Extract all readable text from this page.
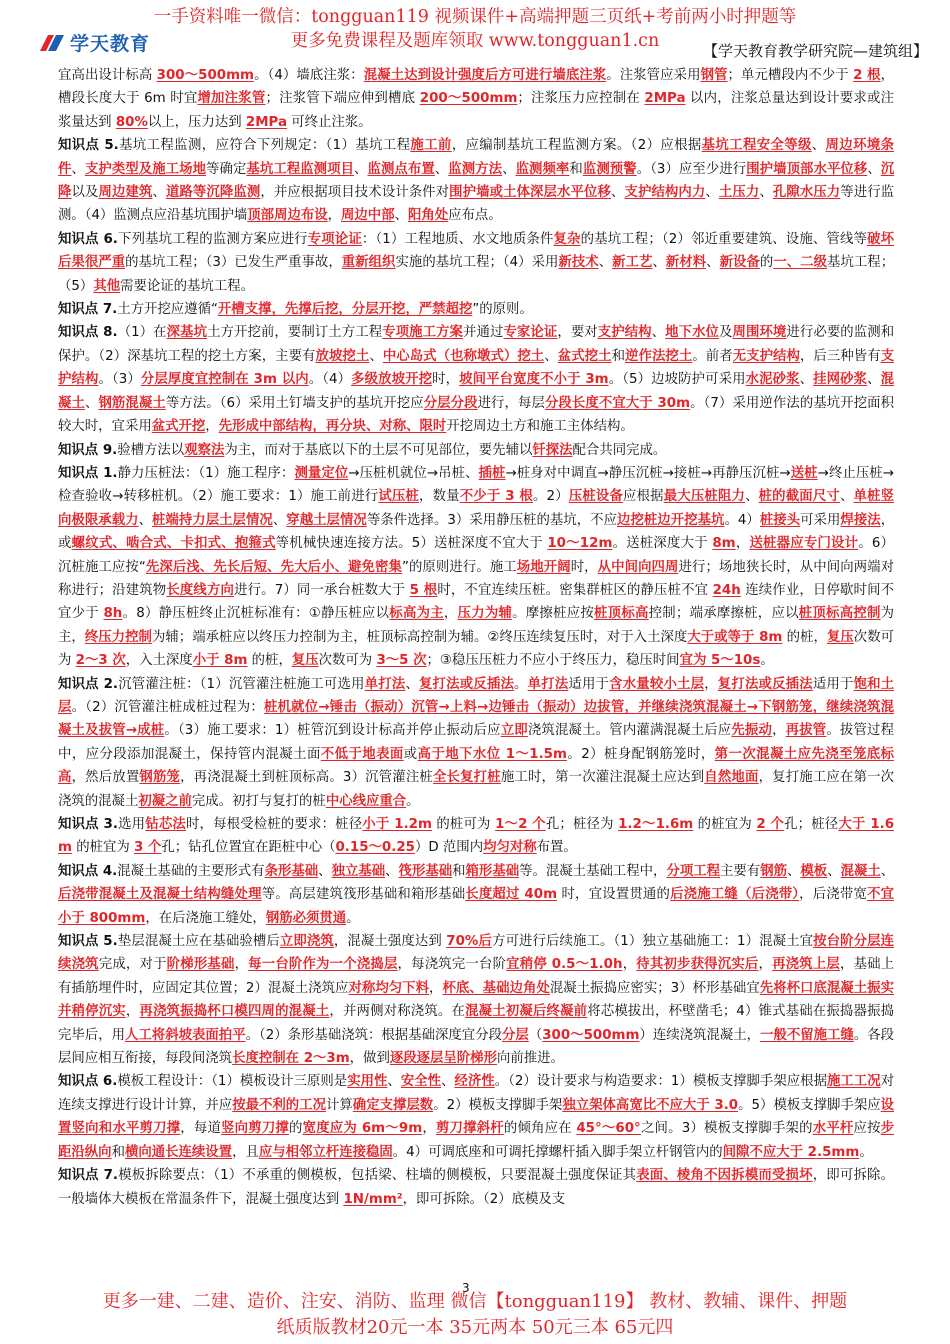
一手资料唯一微信：tongguan119 视频课件+高端押题三页纸+考前两小时押题等
更多免费课程及题库领取 www.tongguan1.cn
学天教育	【学天教育教学研究院—建筑组】

宜高出设计标高 300～500mm。（4）墙底注浆：混凝土达到设计强度后方可进行墙底注浆。注浆管应采用钢管；单元槽段内不少于 2 根，槽段长度大于 6m 时宜增加注浆管；注浆管下端应伸到槽底 200～500mm；注浆压力应控制在 2MPa 以内，注浆总量达到设计要求或注浆量达到 80%以上，压力达到 2MPa 可终止注浆。

知识点 5.基坑工程监测，应符合下列规定：（1）基坑工程施工前，应编制基坑工程监测方案。（2）应根据基坑工程安全等级、周边环境条件、支护类型及施工场地等确定基坑工程监测项目、监测点布置、监测方法、监测频率和监测预警。（3）应至少进行围护墙顶部水平位移、沉降以及周边建筑、道路等沉降监测，并应根据项目技术设计条件对围护墙或土体深层水平位移、支护结构内力、土压力、孔隙水压力等进行监测。（4）监测点应沿基坑围护墙顶部周边布设，周边中部、阳角处应布点。

知识点 6.下列基坑工程的监测方案应进行专项论证：（1）工程地质、水文地质条件复杂的基坑工程；（2）邻近重要建筑、设施、管线等破坏后果很严重的基坑工程；（3）已发生严重事故，重新组织实施的基坑工程；（4）采用新技术、新工艺、新材料、新设备的一、二级基坑工程；（5）其他需要论证的基坑工程。

知识点 7.土方开挖应遵循“开槽支撑，先撑后挖，分层开挖，严禁超挖”的原则。

知识点 8.（1）在深基坑土方开挖前，要制订土方工程专项施工方案并通过专家论证，要对支护结构、地下水位及周围环境进行必要的监测和保护。（2）深基坑工程的挖土方案，主要有放坡挖土、中心岛式（也称墩式）挖土、盆式挖土和逆作法挖土。前者无支护结构，后三种皆有支护结构。（3）分层厚度宜控制在 3m 以内。（4）多级放坡开挖时，坡间平台宽度不小于 3m。（5）边坡防护可采用水泥砂浆、挂网砂浆、混凝土、钢筋混凝土等方法。（6）采用土钉墙支护的基坑开挖应分层分段进行，每层分段长度不宜大于 30m。（7）采用逆作法的基坑开挖面积较大时，宜采用盆式开挖，先形成中部结构，再分块、对称、限时开挖周边土方和施工主体结构。

知识点 9.验槽方法以观察法为主，而对于基底以下的土层不可见部位，要先辅以钎探法配合共同完成。

知识点 1.静力压桩法：（1）施工程序：测量定位→压桩机就位→吊桩、插桩→桩身对中调直→静压沉桩→接桩→再静压沉桩→送桩→终止压桩→检查验收→转移桩机。（2）施工要求：1）施工前进行试压桩，数量不少于 3 根。2）压桩设备应根据最大压桩阻力、桩的截面尺寸、单桩竖向极限承载力、桩端持力层土层情况、穿越土层情况等条件选择。3）采用静压桩的基坑，不应边挖桩边开挖基坑。4）桩接头可采用焊接法，或螺纹式、啮合式、卡扣式、抱箍式等机械快速连接方法。5）送桩深度不宜大于 10～12m。送桩深度大于 8m，送桩器应专门设计。6）沉桩施工应按“先深后浅、先长后短、先大后小、避免密集”的原则进行。施工场地开阔时，从中间向四周进行；场地狭长时，从中间向两端对称进行；沿建筑物长度线方向进行。7）同一承台桩数大于 5 根时，不宜连续压桩。密集群桩区的静压桩不宜 24h 连续作业，日停歇时间不宜少于 8h。8）静压桩终止沉桩标准有：①静压桩应以标高为主，压力为辅。摩擦桩应按桩顶标高控制；端承摩擦桩，应以桩顶标高控制为主，终压力控制为辅；端承桩应以终压力控制为主，桩顶标高控制为辅。②终压连续复压时，对于入土深度大于或等于 8m 的桩，复压次数可为 2～3 次，入土深度小于 8m 的桩，复压次数可为 3～5 次；③稳压压桩力不应小于终压力，稳压时间宜为 5～10s。

知识点 2.沉管灌注桩：（1）沉管灌注桩施工可选用单打法、复打法或反插法。单打法适用于含水量较小土层，复打法或反插法适用于饱和土层。（2）沉管灌注桩成桩过程为：桩机就位→锤击（振动）沉管→上料→边锤击（振动）边拔管，并继续浇筑混凝土→下钢筋笼，继续浇筑混凝土及拔管→成桩。（3）施工要求：1）桩管沉到设计标高并停止振动后应立即浇筑混凝土。管内灌满混凝土后应先振动，再拔管。拔管过程中，应分段添加混凝土，保持管内混凝土面不低于地表面或高于地下水位 1～1.5m。2）桩身配钢筋笼时，第一次混凝土应先浇至笼底标高，然后放置钢筋笼，再浇混凝土到桩顶标高。3）沉管灌注桩全长复打桩施工时，第一次灌注混凝土应达到自然地面，复打施工应在第一次浇筑的混凝土初凝之前完成。初打与复打的桩中心线应重合。

知识点 3.选用钻芯法时，每根受检桩的要求：桩径小于 1.2m 的桩可为 1～2 个孔；桩径为 1.2～1.6m 的桩宜为 2 个孔；桩径大于 1.6m 的桩宜为 3 个孔；钻孔位置宜在距桩中心（0.15～0.25）D 范围内均匀对称布置。

知识点 4.混凝土基础的主要形式有条形基础、独立基础、筏形基础和箱形基础等。混凝土基础工程中，分项工程主要有钢筋、模板、混凝土、后浇带混凝土及混凝土结构缝处理等。高层建筑筏形基础和箱形基础长度超过 40m 时，宜设置贯通的后浇施工缝（后浇带），后浇带宽不宜小于 800mm，在后浇施工缝处，钢筋必须贯通。

知识点 5.垫层混凝土应在基础验槽后立即浇筑，混凝土强度达到 70%后方可进行后续施工。（1）独立基础施工：1）混凝土宜按台阶分层连续浇筑完成，对于阶梯形基础，每一台阶作为一个浇捣层，每浇筑完一台阶宜稍停 0.5～1.0h，待其初步获得沉实后，再浇筑上层，基础上有插筋埋件时，应固定其位置；2）混凝土浇筑应对称均匀下料，杯底、基础边角处混凝土振捣应密实；3）杯形基础宜先将杯口底混凝土振实并稍停沉实，再浇筑振捣杯口模四周的混凝土，并两侧对称浇筑。在混凝土初凝后终凝前将芯模拔出，杯壁凿毛；4）锥式基础在振捣器振捣完毕后，用人工将斜坡表面拍平。（2）条形基础浇筑：根据基础深度宜分段分层（300～500mm）连续浇筑混凝土，一般不留施工缝。各段层间应相互衔接，每段间浇筑长度控制在 2～3m，做到逐段逐层呈阶梯形向前推进。

知识点 6.模板工程设计：（1）模板设计三原则是实用性、安全性、经济性。（2）设计要求与构造要求：1）模板支撑脚手架应根据施工工况对连续支撑进行设计计算，并应按最不利的工况计算确定支撑层数。2）模板支撑脚手架独立架体高宽比不应大于 3.0。5）模板支撑脚手架应设置竖向和水平剪刀撑，每道竖向剪刀撑的宽度应为 6m～9m，剪刀撑斜杆的倾角应在 45°～60°之间。3）模板支撑脚手架的水平杆应按步距沿纵向和横向通长连续设置，且应与相邻立杆连接稳固。4）可调底座和可调托撑螺杆插入脚手架立杆钢管内的间隙不应大于 2.5mm。

知识点 7.模板拆除要点：（1）不承重的侧模板，包括梁、柱墙的侧模板，只要混凝土强度保证其表面、棱角不因拆模而受损坏，即可拆除。一般墙体大模板在常温条件下，混凝土强度达到 1N/mm²，即可拆除。（2）底模及支

3
更多一建、二建、造价、注安、消防、监理 微信【tongguan119】 教材、教辅、课件、押题
纸质版教材20元一本 35元两本 50元三本 65元四
